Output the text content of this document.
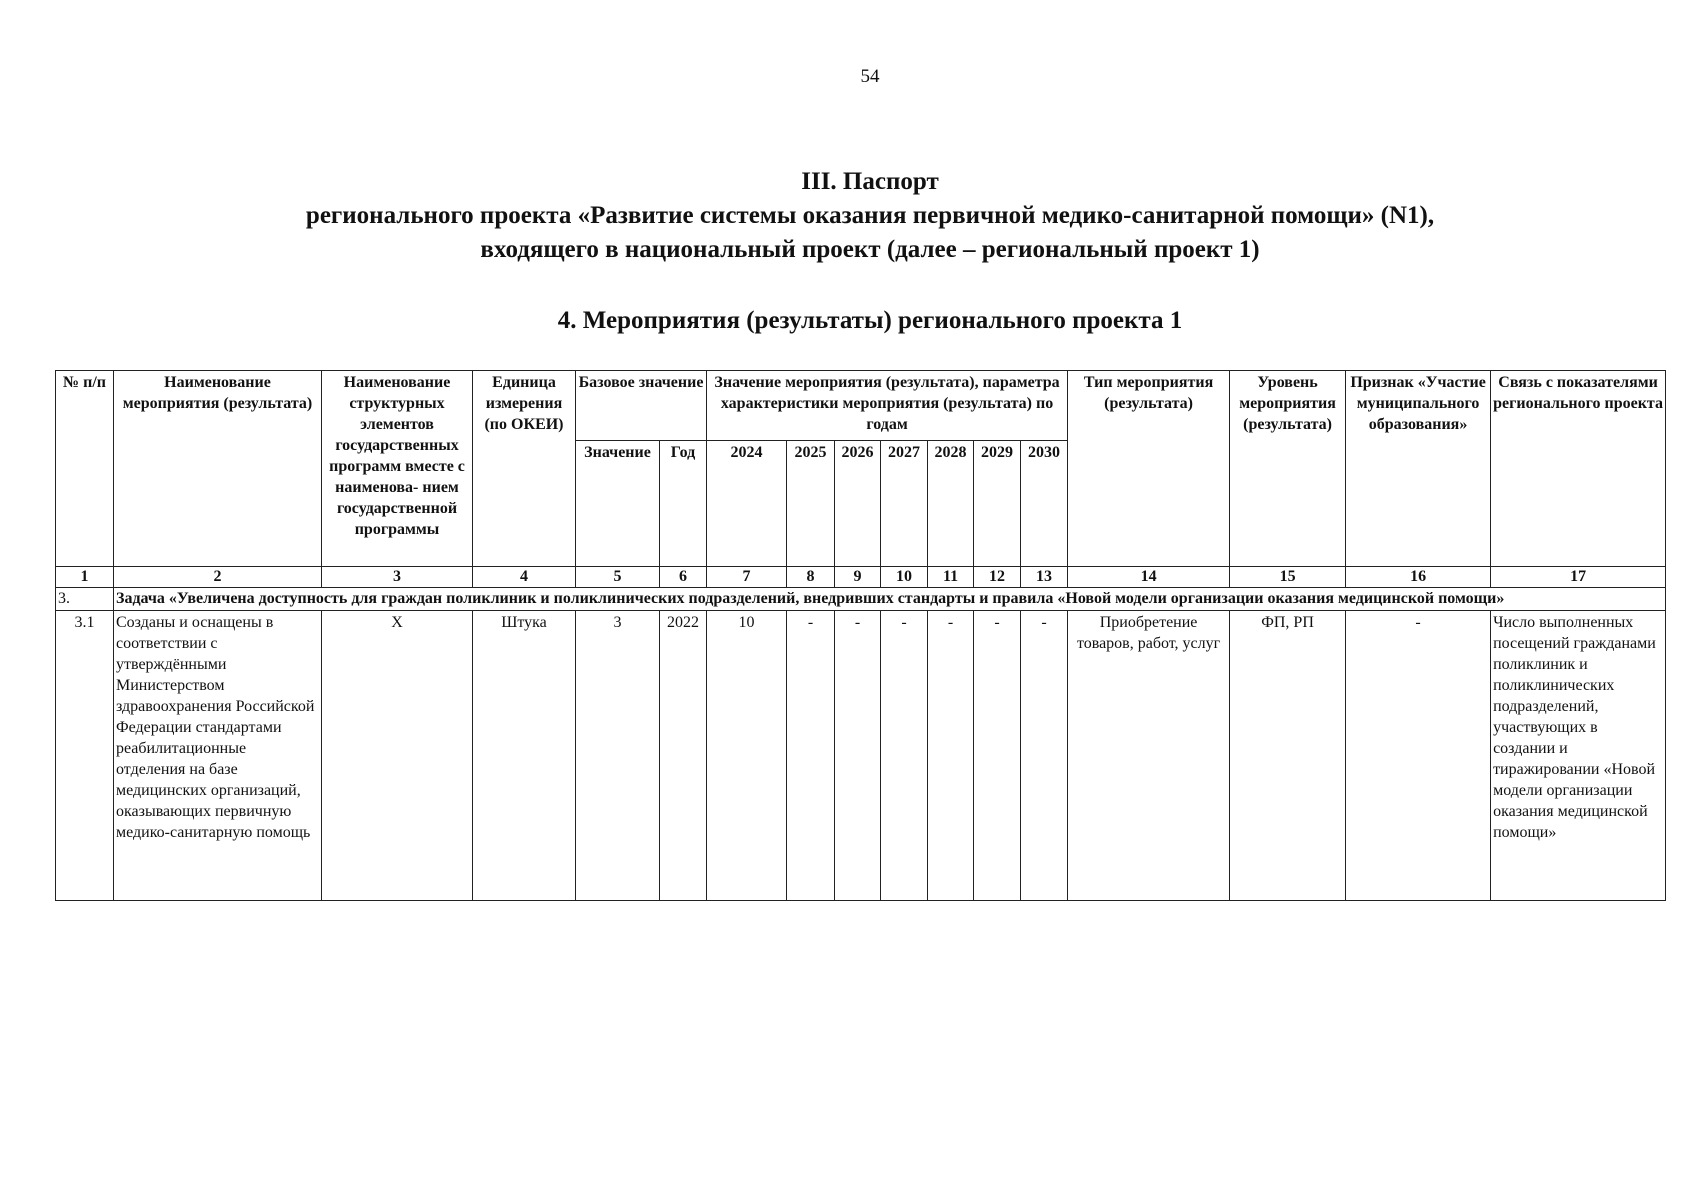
54
III. Паспорт
регионального проекта «Развитие системы оказания первичной медико-санитарной помощи» (N1),
входящего в национальный проект (далее – региональный проект 1)
4. Мероприятия (результаты) регионального проекта 1
№ п/п	Наименование мероприятия (результата)	Наименование структурных элементов государственных программ вместе с наименова- нием государственной программы	Единица измерения (по ОКЕИ)	Базовое значение		Значение мероприятия (результата), параметра характеристики мероприятия (результата) по годам							Тип мероприятия (результата)	Уровень мероприятия (результата)	Признак «Участие муниципального образования»	Связь с показателями регионального проекта
				Значение	Год	2024	2025	2026	2027	2028	2029	2030				
1	2	3	4	5	6	7	8	9	10	11	12	13	14	15	16	17
3.	Задача «Увеличена доступность для граждан поликлиник и поликлинических подразделений, внедривших стандарты и правила «Новой модели организации оказания медицинской помощи»															
3.1	Созданы и оснащены в соответствии с утверждёнными Министерством здравоохранения Российской Федерации стандартами реабилитационные отделения на базе медицинских организаций, оказывающих первичную медико-санитарную помощь	Х	Штука	3	2022	10	-	-	-	-	-	-	Приобретение товаров, работ, услуг	ФП, РП	-	Число выполненных посещений гражданами поликлиник и поликлинических подразделений, участвующих в создании и тиражировании «Новой модели организации оказания медицинской помощи»
